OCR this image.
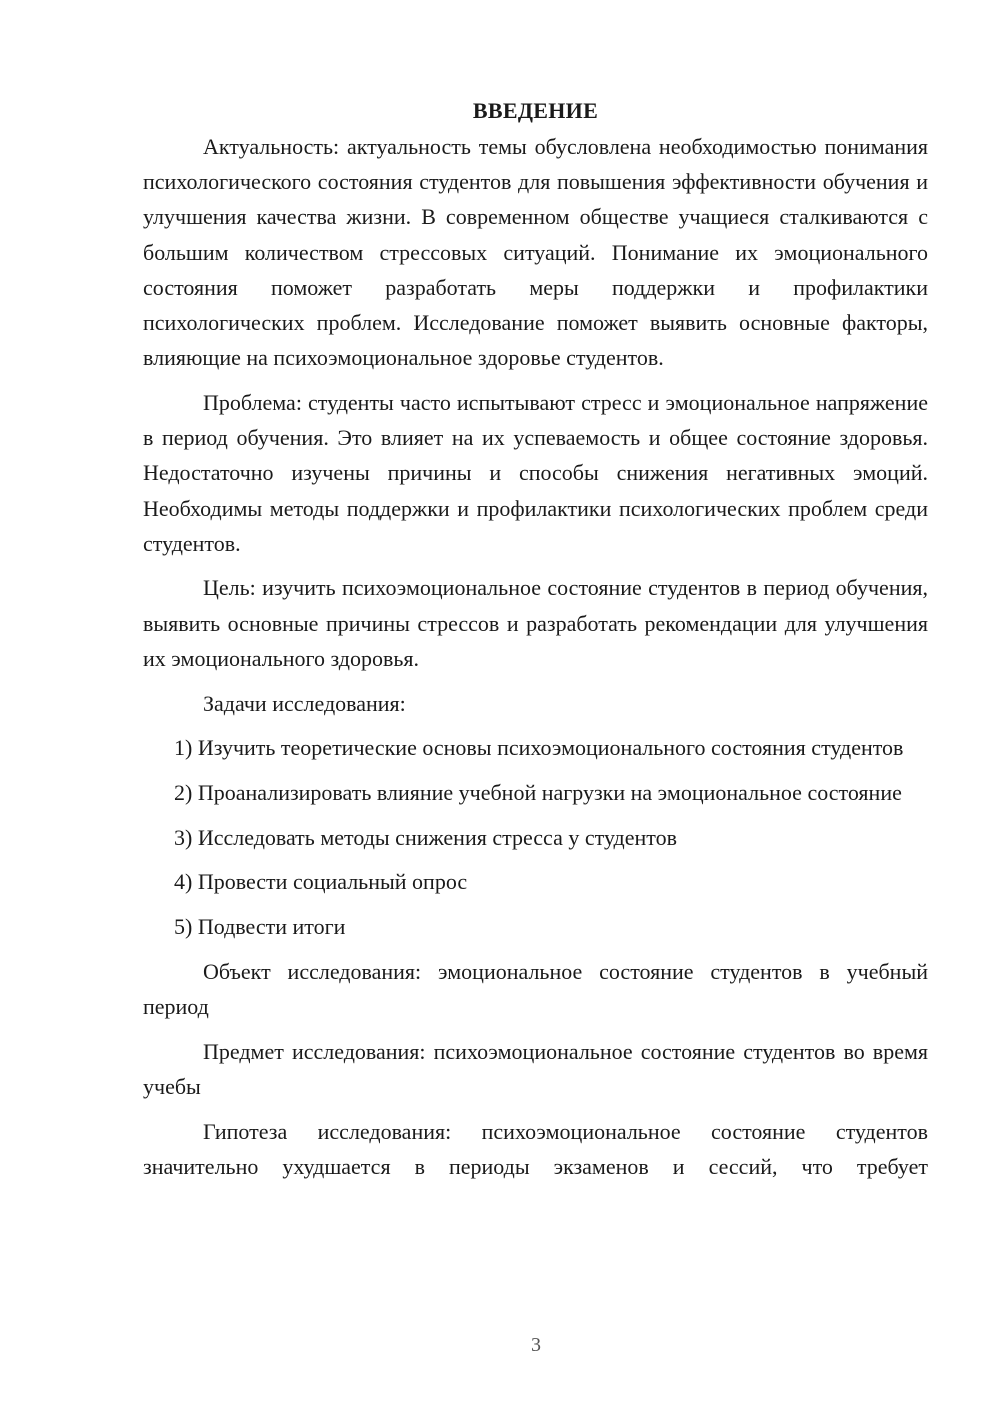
ВВЕДЕНИЕ

Актуальность: актуальность темы обусловлена необходимостью понимания психологического состояния студентов для повышения эффективности обучения и улучшения качества жизни. В современном обществе учащиеся сталкиваются с большим количеством стрессовых ситуаций. Понимание их эмоционального состояния поможет разработать меры поддержки и профилактики психологических проблем. Исследование поможет выявить основные факторы, влияющие на психоэмоциональное здоровье студентов.

Проблема: студенты часто испытывают стресс и эмоциональное напряжение в период обучения. Это влияет на их успеваемость и общее состояние здоровья. Недостаточно изучены причины и способы снижения негативных эмоций. Необходимы методы поддержки и профилактики психологических проблем среди студентов.

Цель: изучить психоэмоциональное состояние студентов в период обучения, выявить основные причины стрессов и разработать рекомендации для улучшения их эмоционального здоровья.

Задачи исследования:

1) Изучить теоретические основы психоэмоционального состояния студентов

2) Проанализировать влияние учебной нагрузки на эмоциональное состояние

3) Исследовать методы снижения стресса у студентов

4) Провести социальный опрос

5) Подвести итоги

Объект исследования: эмоциональное состояние студентов в учебный период

Предмет исследования: психоэмоциональное состояние студентов во время учебы

Гипотеза исследования: психоэмоциональное состояние студентов значительно ухудшается в периоды экзаменов и сессий, что требует

3
